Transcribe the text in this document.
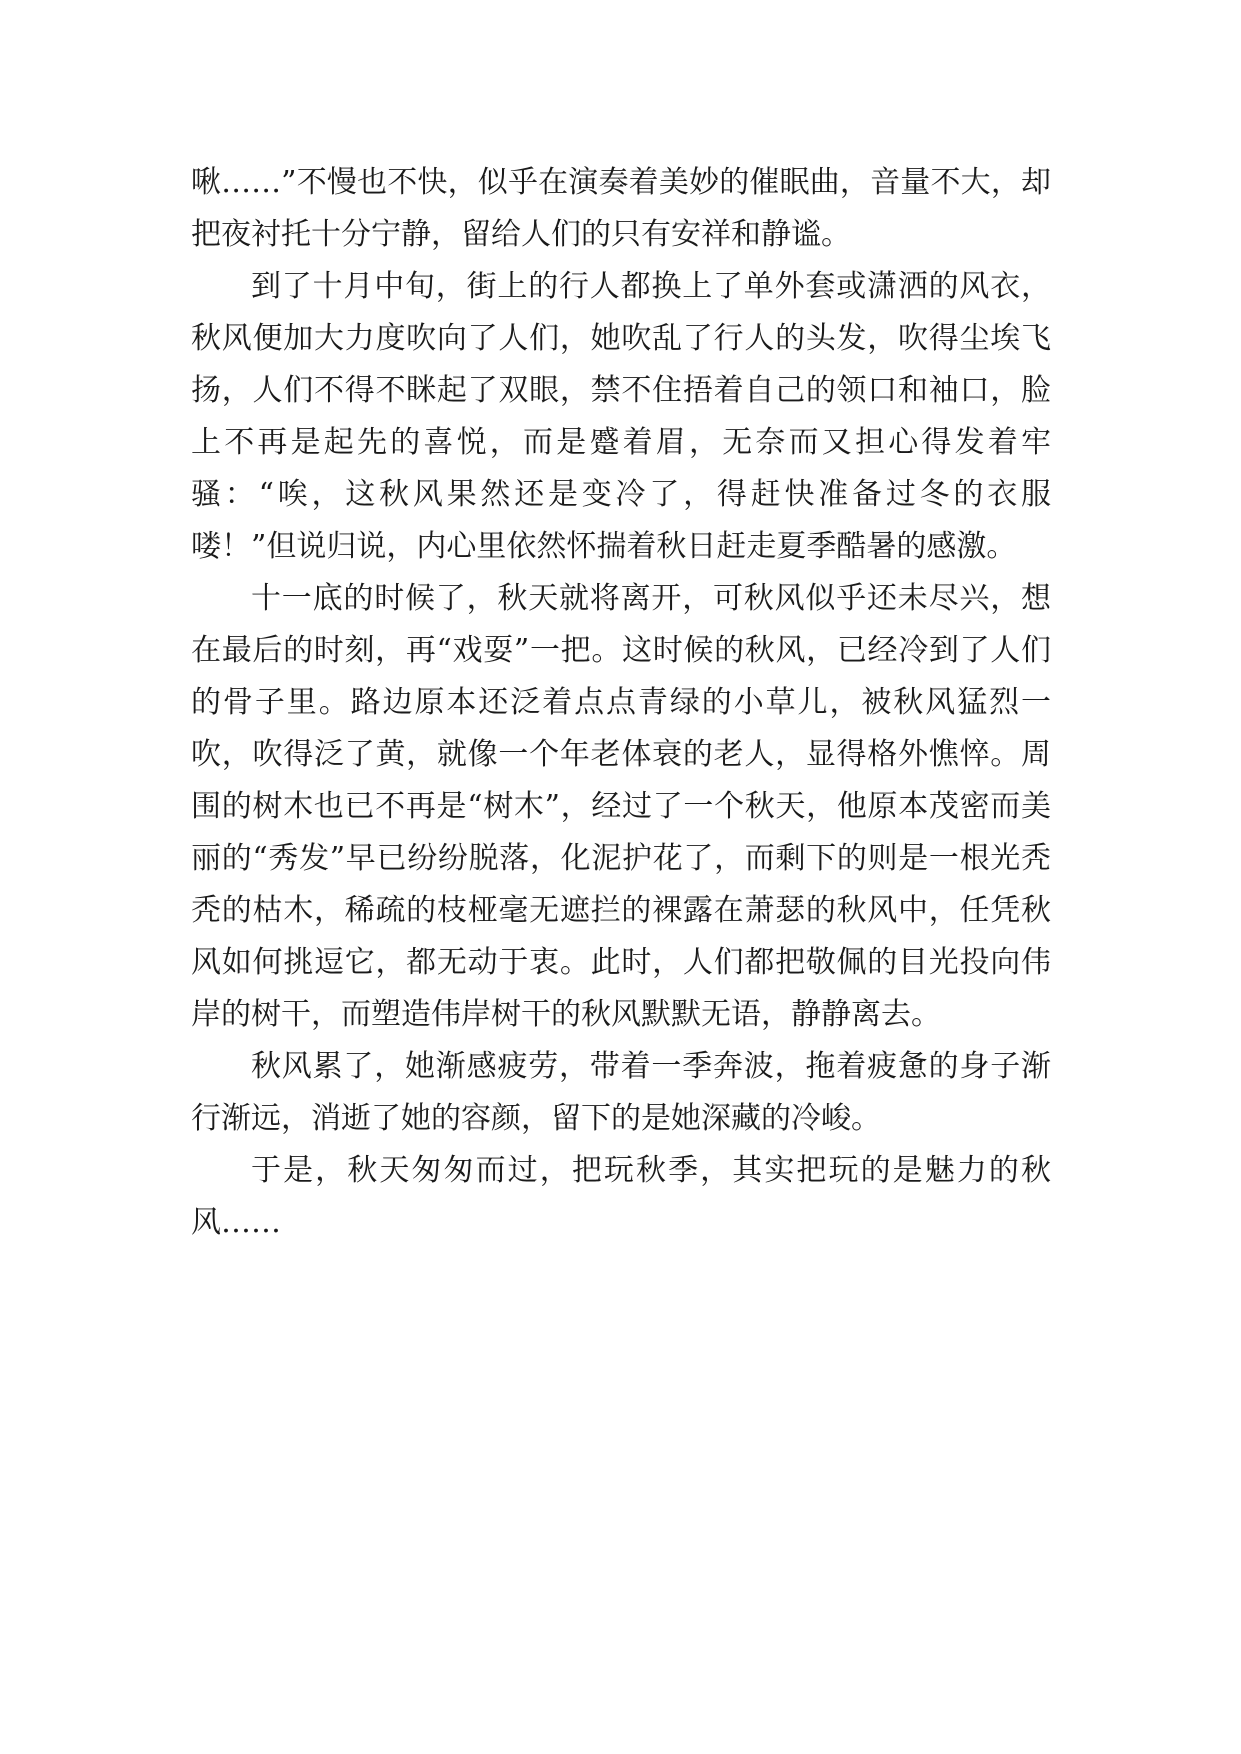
啾……”不慢也不快，似乎在演奏着美妙的催眠曲，音量不大，却把夜衬托十分宁静，留给人们的只有安祥和静谧。

到了十月中旬，街上的行人都换上了单外套或潇洒的风衣，秋风便加大力度吹向了人们，她吹乱了行人的头发，吹得尘埃飞扬，人们不得不眯起了双眼，禁不住捂着自己的领口和袖口，脸上不再是起先的喜悦，而是蹙着眉，无奈而又担心得发着牢骚：“唉，这秋风果然还是变冷了，得赶快准备过冬的衣服喽！”但说归说，内心里依然怀揣着秋日赶走夏季酷暑的感激。

十一底的时候了，秋天就将离开，可秋风似乎还未尽兴，想在最后的时刻，再“戏耍”一把。这时候的秋风，已经冷到了人们的骨子里。路边原本还泛着点点青绿的小草儿，被秋风猛烈一吹，吹得泛了黄，就像一个年老体衰的老人，显得格外憔悴。周围的树木也已不再是“树木”，经过了一个秋天，他原本茂密而美丽的“秀发”早已纷纷脱落，化泥护花了，而剩下的则是一根光秃秃的枯木，稀疏的枝桠毫无遮拦的裸露在萧瑟的秋风中，任凭秋风如何挑逗它，都无动于衷。此时，人们都把敬佩的目光投向伟岸的树干，而塑造伟岸树干的秋风默默无语，静静离去。

秋风累了，她渐感疲劳，带着一季奔波，拖着疲惫的身子渐行渐远，消逝了她的容颜，留下的是她深藏的冷峻。

于是，秋天匆匆而过，把玩秋季，其实把玩的是魅力的秋风……
